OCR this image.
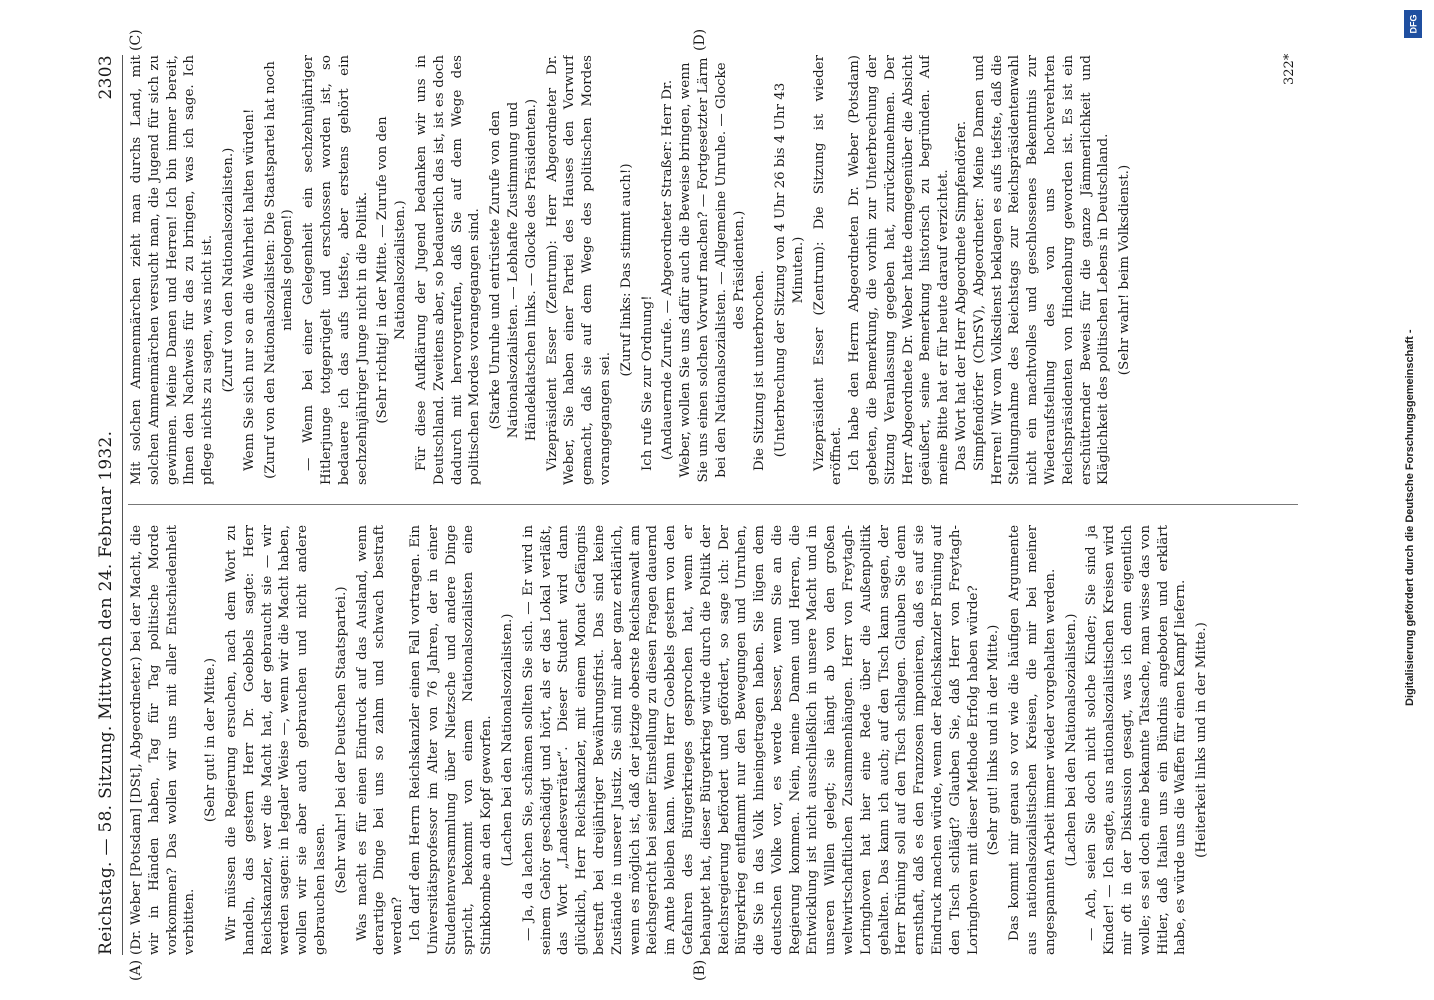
Reichstag. — 58. Sitzung. Mittwoch den 24. Februar 1932.
2303

(Dr. Weber [Potsdam] [DSt], Abgeordneter.) bei der Macht, die wir in Händen haben, Tag für Tag politische Morde vorkommen? Das wollen wir uns mit aller Entschiedenheit verbitten.

(Sehr gut! in der Mitte.) Wir müssen die Regierung ersuchen, nach dem Wort zu handeln, das gestern Herr Dr. Goebbels sagte: Herr Reichskanzler, wer die Macht hat, der gebraucht sie — wir werden sagen: in legaler Weise —, wenn wir die Macht haben, wollen wir sie aber auch gebrauchen und nicht andere gebrauchen lassen. (Sehr wahr! bei der Deutschen Staatspartei.) Was macht es für einen Eindruck auf das Ausland, wenn derartige Dinge bei uns so zahm und schwach bestraft werden? Ich darf dem Herrn Reichskanzler einen Fall vortragen. Ein Universitätsprofessor im Alter von 76 Jahren, der in einer Studentenversammlung über Nietzsche und andere Dinge spricht, bekommt von einem Nationalsozialisten eine Stinkbombe an den Kopf geworfen. (Lachen bei den Nationalsozialisten.) — Ja, da lachen Sie, schämen sollten Sie sich. — Er wird in seinem Gehör geschädigt und hört, als er das Lokal verläßt, das Wort „Landesverräter“. Dieser Student wird dann glücklich, Herr Reichskanzler, mit einem Monat Gefängnis bestraft bei dreijähriger Bewährungsfrist. Das sind keine Zustände in unserer Justiz. Sie sind mir aber ganz erklärlich, wenn es möglich ist, daß der jetzige oberste Reichsanwalt am Reichsgericht bei seiner Einstellung zu diesen Fragen dauernd im Amte bleiben kann. Wenn Herr Goebbels gestern von den Gefahren des Bürgerkrieges gesprochen hat, wenn er behauptet hat, dieser Bürgerkrieg würde durch die Politik der Reichsregierung befördert und gefördert, so sage ich: Der Bürgerkrieg entflammt nur den Bewegungen und Unruhen, die Sie in das Volk hineingetragen haben. Sie lügen dem deutschen Volke vor, es werde besser, wenn Sie an die Regierung kommen. Nein, meine Damen und Herren, die Entwicklung ist nicht ausschließlich in unsere Macht und in unseren Willen gelegt; sie hängt ab von den großen weltwirtschaftlichen Zusammenhängen. Herr von Freytagh-Loringhoven hat hier eine Rede über die Außenpolitik gehalten. Das kann ich auch; auf den Tisch kann sagen, der Herr Brüning soll auf den Tisch schlagen. Glauben Sie denn ernsthaft, daß es den Franzosen imponieren, daß es auf sie Eindruck machen würde, wenn der Reichskanzler Brüning auf den Tisch schlägt? Glauben Sie, daß Herr von Freytagh-Loringhoven mit dieser Methode Erfolg haben würde? (Sehr gut! links und in der Mitte.) Das kommt mir genau so vor wie die häufigen Argumente aus nationalsozialistischen Kreisen, die mir bei meiner angespannten Arbeit immer wieder vorgehalten werden. (Lachen bei den Nationalsozialisten.) — Ach, seien Sie doch nicht solche Kinder; Sie sind ja Kinder! — Ich sagte, aus nationalsozialistischen Kreisen wird mir oft in der Diskussion gesagt, was ich denn eigentlich wolle; es sei doch eine bekannte Tatsache, man wisse das von Hitler, daß Italien uns ein Bündnis angeboten und erklärt habe, es würde uns die Waffen für einen Kampf liefern. (Heiterkeit links und in der Mitte.)

Mit solchen Ammenmärchen zieht man durchs Land, mit solchen Ammenmärchen versucht man, die Jugend für sich zu gewinnen. Meine Damen und Herren! Ich bin immer bereit, Ihnen den Nachweis für das zu bringen, was ich sage. Ich pflege nichts zu sagen, was nicht ist. (Zuruf von den Nationalsozialisten.) Wenn Sie sich nur so an die Wahrheit halten würden! (Zuruf von den Nationalsozialisten: Die Staatspartei hat noch niemals gelogen!) — Wenn bei einer Gelegenheit ein sechzehnjähriger Hitlerjunge totgeprügelt und erschossen worden ist, so bedauere ich das aufs tiefste, aber erstens gehört ein sechzehnjähriger Junge nicht in die Politik. (Sehr richtig! in der Mitte. — Zurufe von den Nationalsozialisten.) Für diese Aufklärung der Jugend bedanken wir uns in Deutschland. Zweitens aber, so bedauerlich das ist, ist es doch dadurch mit hervorgerufen, daß Sie auf dem Wege des politischen Mordes vorangegangen sind. (Starke Unruhe und entrüstete Zurufe von den Nationalsozialisten. — Lebhafte Zustimmung und Händeklatschen links. — Glocke des Präsidenten.) Vizepräsident Esser (Zentrum): Herr Abgeordneter Dr. Weber, Sie haben einer Partei des Hauses den Vorwurf gemacht, daß sie auf dem Wege des politischen Mordes vorangegangen sei.

(Zuruf links: Das stimmt auch!)

Ich rufe Sie zur Ordnung! (Andauernde Zurufe. — Abgeordneter Straßer: Herr Dr. Weber, wollen Sie uns dafür auch die Beweise bringen, wenn Sie uns einen solchen Vorwurf machen? — Fortgesetzter Lärm bei den Nationalsozialisten. — Allgemeine Unruhe. — Glocke des Präsidenten.)

Die Sitzung ist unterbrochen. (Unterbrechung der Sitzung von 4 Uhr 26 bis 4 Uhr 43 Minuten.) Vizepräsident Esser (Zentrum): Die Sitzung ist wieder eröffnet. Ich habe den Herrn Abgeordneten Dr. Weber (Potsdam) gebeten, die Bemerkung, die vorhin zur Unterbrechung der Sitzung Veranlassung gegeben hat, zurückzunehmen. Der Herr Abgeordnete Dr. Weber hatte demgegenüber die Absicht geäußert, seine Bemerkung historisch zu begründen. Auf meine Bitte hat er für heute darauf verzichtet. Das Wort hat der Herr Abgeordnete Simpfendörfer. Simpfendörfer (ChrSV), Abgeordneter: Meine Damen und Herren! Wir vom Volksdienst beklagen es aufs tiefste, daß die Stellungnahme des Reichstags zur Reichspräsidentenwahl nicht ein machtvolles und geschlossenes Bekenntnis zur Wiederaufstellung des von uns hochverehrten Reichspräsidenten von Hindenburg geworden ist. Es ist ein erschütternder Beweis für die ganze Jämmerlichkeit und Kläglichkeit des politischen Lebens in Deutschland. (Sehr wahr! beim Volksdienst.)

(A)	(B)
(C)	(D)
322*
DFG
Digitalisierung gefördert durch die Deutsche Forschungsgemeinschaft -
